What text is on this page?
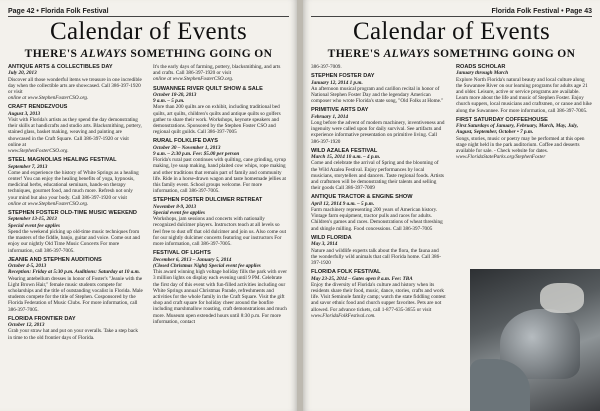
Page 42 • Florida Folk Festival
Calendar of Events
THERE'S ALWAYS SOMETHING GOING ON
ANTIQUE ARTS & COLLECTIBLES DAY
July 20, 2013
Discover all those wonderful items we treasure in one incredible day when the collectible arts are showcased. Call 386-397-1920 or visit
online at www.StephenFosterCSO.org.
CRAFT RENDEZVOUS
August 3, 2013
Visit with Florida's artists as they spend the day demonstrating their skills at handicrafts and studio arts. Blacksmithing, pottery, stained glass, basket making, weaving and painting are showcased in the Craft Square. Call 386-397-1920 or visit online at
www.StephenFosterCSO.org.
STEEL MAGNOLIAS HEALING FESTIVAL
September 7, 2013
Come and experience the history of White Springs as a healing center! You can enjoy the healing benefits of yoga, hypnosis, medicinal herbs, educational seminars, hands-on therapy techniques, gourmet food, and much more. Refresh not only your mind but also your body. Call 386-397-1920 or visit
online at www.StephenFosterCSO.org.
STEPHEN FOSTER OLD-TIME MUSIC WEEKEND
September 13-15, 2013
Special event fee applies
Spend the weekend picking up old-time music techniques from the masters of the fiddle, banjo, guitar and voice. Come out and enjoy our nightly Old Time Music Concerts For more information, call 386-397-7005.
JEANIE AND STEPHEN AUDITIONS
October 4-5, 2013
Reception: Friday at 5:30 p.m. Auditions: Saturday at 10 a.m.
Wearing antebellum dresses in honor of Foster's "Jeanie with the Light Brown Hair," female music students compete for scholarships and the title of outstanding vocalist in Florida. Male students compete for the title of Stephen. Cosponsored by the Florida Federation of Music Clubs. For more information, call 386-397-7005.
FLORIDA FRONTIER DAY
October 12, 2013
Grab your straw hat and put on your overalls. Take a step back in time to the old frontier days of Florida.
It's the early days of farming, pottery, blacksmithing, and arts and crafts. Call 386-397-1920 or visit
online at www.StephenFosterCSO.org.
SUWANNEE RIVER QUILT SHOW & SALE
October 18-20, 2013
9 a.m. – 5 p.m.
More than 200 quilts are on exhibit, including traditional bed quilts, art quilts, children's quilts and antique quilts so golfers gather to share their work. Workshops, keynote speakers and demonstrations. Sponsored by the Stephen Foster CSO and regional quilt guilds. Call 386-397-7005
RURAL FOLKLIFE DAYS
October 30 – November 1, 2013
9 a.m. – 2:30 p.m. Fee: $5.00 per person
Florida's rural past continues with quilting, cane grinding, syrup making, lye soap making, hand plaited cow whips, rope making and other traditions that remain part of family and community life. Ride in a horse-drawn wagon and taste homemade jellies at this family event. School groups welcome. For more information, call 386-397-7005.
STEPHEN FOSTER DULCIMER RETREAT
November 8-9, 2013
Special event fee applies
Workshops, jam sessions and concerts with nationally recognized dulcimer players. Instructors teach at all levels so feel free to dust off that old dulcimer and join us. Also come out for our nightly dulcimer concerts featuring our instructors For more information, call 386-397-7005.
FESTIVAL OF LIGHTS
December 6, 2013 – January 5, 2014
(Closed Christmas Night) Special event fee applies
This award winning high voltage holiday fills the park with over 3 million lights on display each evening until 9 PM. Celebrate the first day of this event with fun-filled activities including our White Springs annual Christmas Parade, refreshments and activities for the whole family in the Craft Square. Visit the gift shop and craft square for holiday cheer around the bonfire including marshmallow roasting, craft demonstrations and much more. Museum open extended hours until 8:30 p.m. For more information, contact
Florida Folk Festival • Page 43
Calendar of Events
THERE'S ALWAYS SOMETHING GOING ON
386-397-7009.
STEPHEN FOSTER DAY
January 12, 2014 1 p.m.
An afternoon musical program and carillon recital in honor of National Stephen Foster Day and the legendary American composer who wrote Florida's state song, "Old Folks at Home."
PRIMITIVE ARTS DAY
February 1, 2014
Long before the advent of modern machinery, inventiveness and ingenuity were called upon for daily survival. See artifacts and experience informative presentation on primitive living. Call 386-397-1920
WILD AZALEA FESTIVAL
March 15, 2014 10 a.m. – 4 p.m.
Come and celebrate the arrival of Spring and the blooming of the Wild Azalea Festival. Enjoy performances by local musicians, storytellers and dancers. Taste regional foods. Artists and craftsmen will be demonstrating their talents and selling their goods Call 386-397-7009
ANTIQUE TRACTOR & ENGINE SHOW
April 12, 2014 9 a.m. – 5 p.m.
Farm machinery representing 200 years of American history. Vintage farm equipment, tractor pulls and races for adults. Children's games and races. Demonstrations of wheat threshing and shingle milling. Food concessions. Call 386-397-7005
WILD FLORIDA
May 3, 2014
Nature and wildlife experts talk about the flora, the fauna and the wonderfully wild animals that call Florida home. Call 386-397-1920
FLORIDA FOLK FESTIVAL
May 23-25, 2014 – Gates open 8 a.m. Fee: TBA
Enjoy the diversity of Florida's culture and history when its residents share their food, music, dance, stories, crafts and work life. Visit Seminole family camp; watch the state fiddling contest and savor ethnic food and church supper favorites. Pets are not allowed. For advance tickets, call 1-877-635-3655 or visit
www.FloridaFolkFestival.com.
ROADS SCHOLAR
January through March
Explore North Florida's natural beauty and local culture along the Suwannee River on our learning programs for adults age 21 and older. Leisure, active or service programs are available. Learn more about the life and music of Stephen Foster. Enjoy church suppers, local musicians and craftsmen, or canoe and hike along the Suwannee. For more information, call 386-397-7005.
FIRST SATURDAY COFFEEHOUSE
First Saturdays of January, February, March, May, July, August, September, October • 7 p.m.
Songs, stories, music or poetry may be performed at this open stage night held in the park auditorium. Coffee and desserts available for sale. - Check website for dates.
www.FloridaStateParks.org/StephenFoster
